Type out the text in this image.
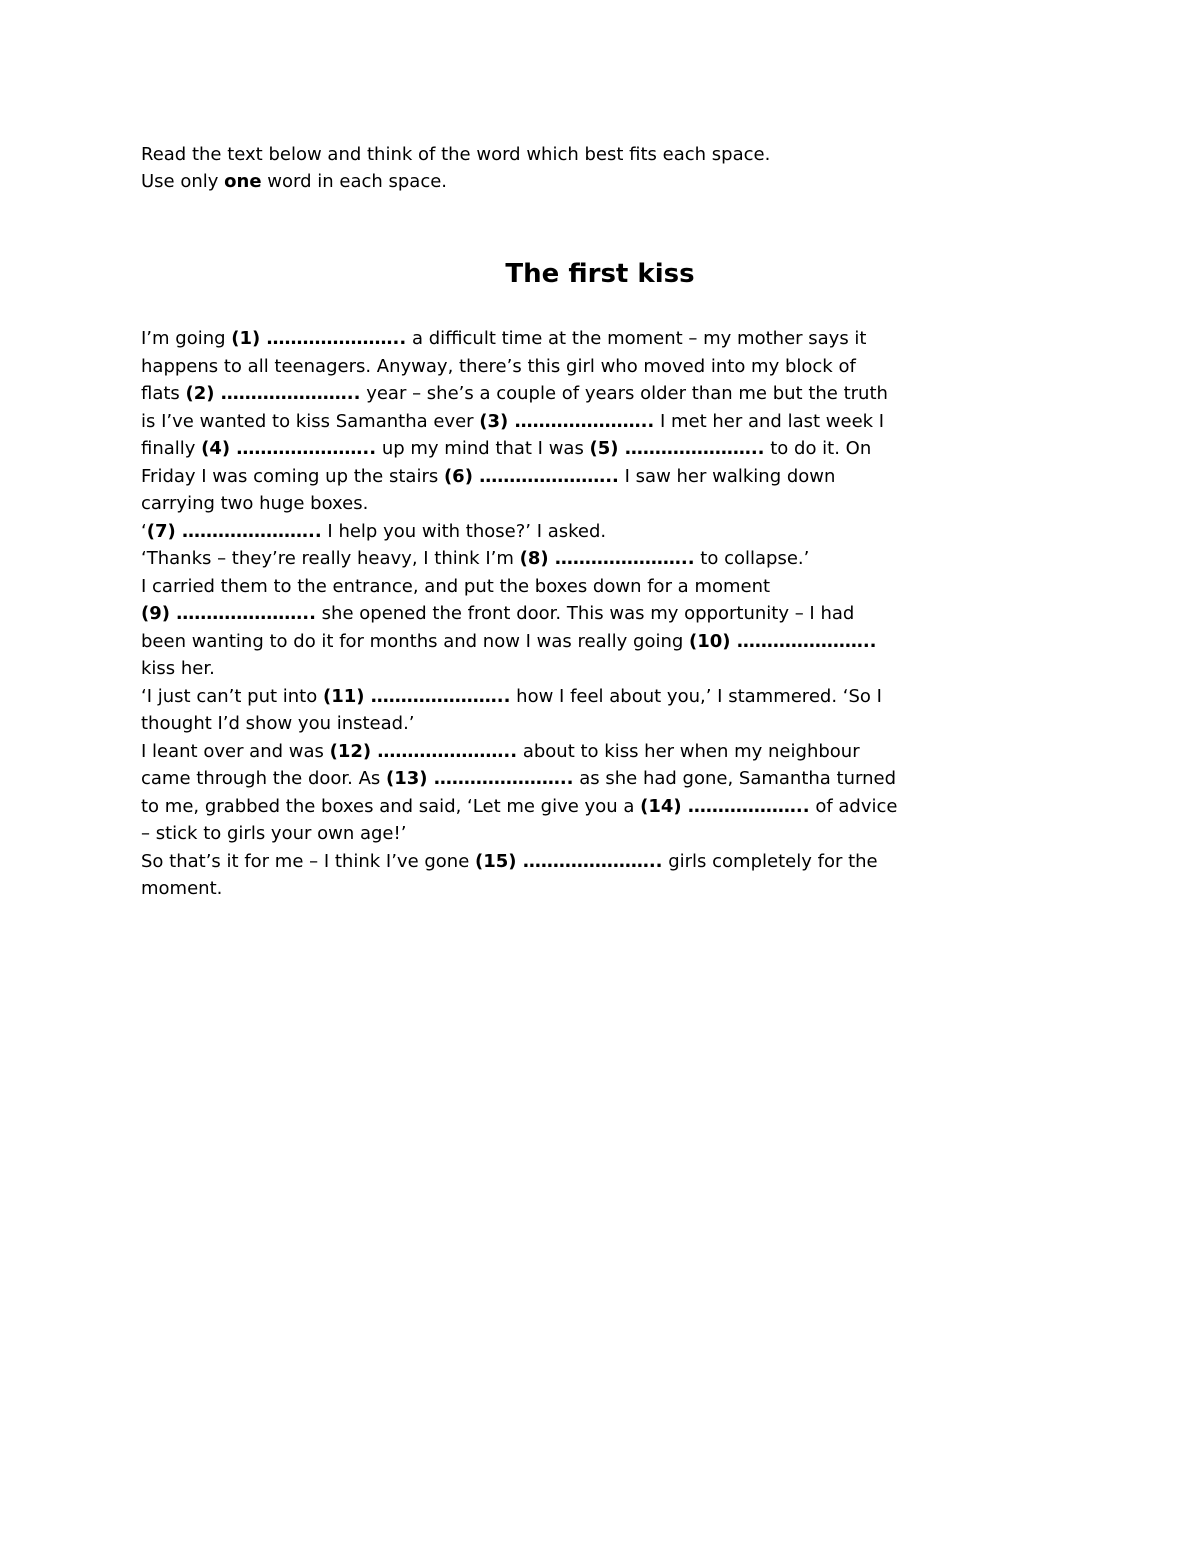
Read the text below and think of the word which best fits each space.
Use only one word in each space.

The first kiss
I’m going (1) ………………….. a difficult time at the moment – my mother says it
happens to all teenagers. Anyway, there’s this girl who moved into my block of
flats (2) ………………….. year – she’s a couple of years older than me but the truth
is I’ve wanted to kiss Samantha ever (3) ………………….. I met her and last week I
finally (4) ………………….. up my mind that I was (5) ………………….. to do it. On
Friday I was coming up the stairs (6) ………………….. I saw her walking down
carrying two huge boxes.
‘(7) ………………….. I help you with those?’ I asked.
‘Thanks – they’re really heavy, I think I’m (8) ………………….. to collapse.’
I carried them to the entrance, and put the boxes down for a moment
(9) ………………….. she opened the front door. This was my opportunity – I had
been wanting to do it for months and now I was really going (10) …………………..
kiss her.
‘I just can’t put into (11) ………………….. how I feel about you,’ I stammered. ‘So I
thought I’d show you instead.’
I leant over and was (12) ………………….. about to kiss her when my neighbour
came through the door. As (13) ………………….. as she had gone, Samantha turned
to me, grabbed the boxes and said, ‘Let me give you a (14) ……………….. of advice
– stick to girls your own age!’
So that’s it for me – I think I’ve gone (15) ………………….. girls completely for the
moment.
